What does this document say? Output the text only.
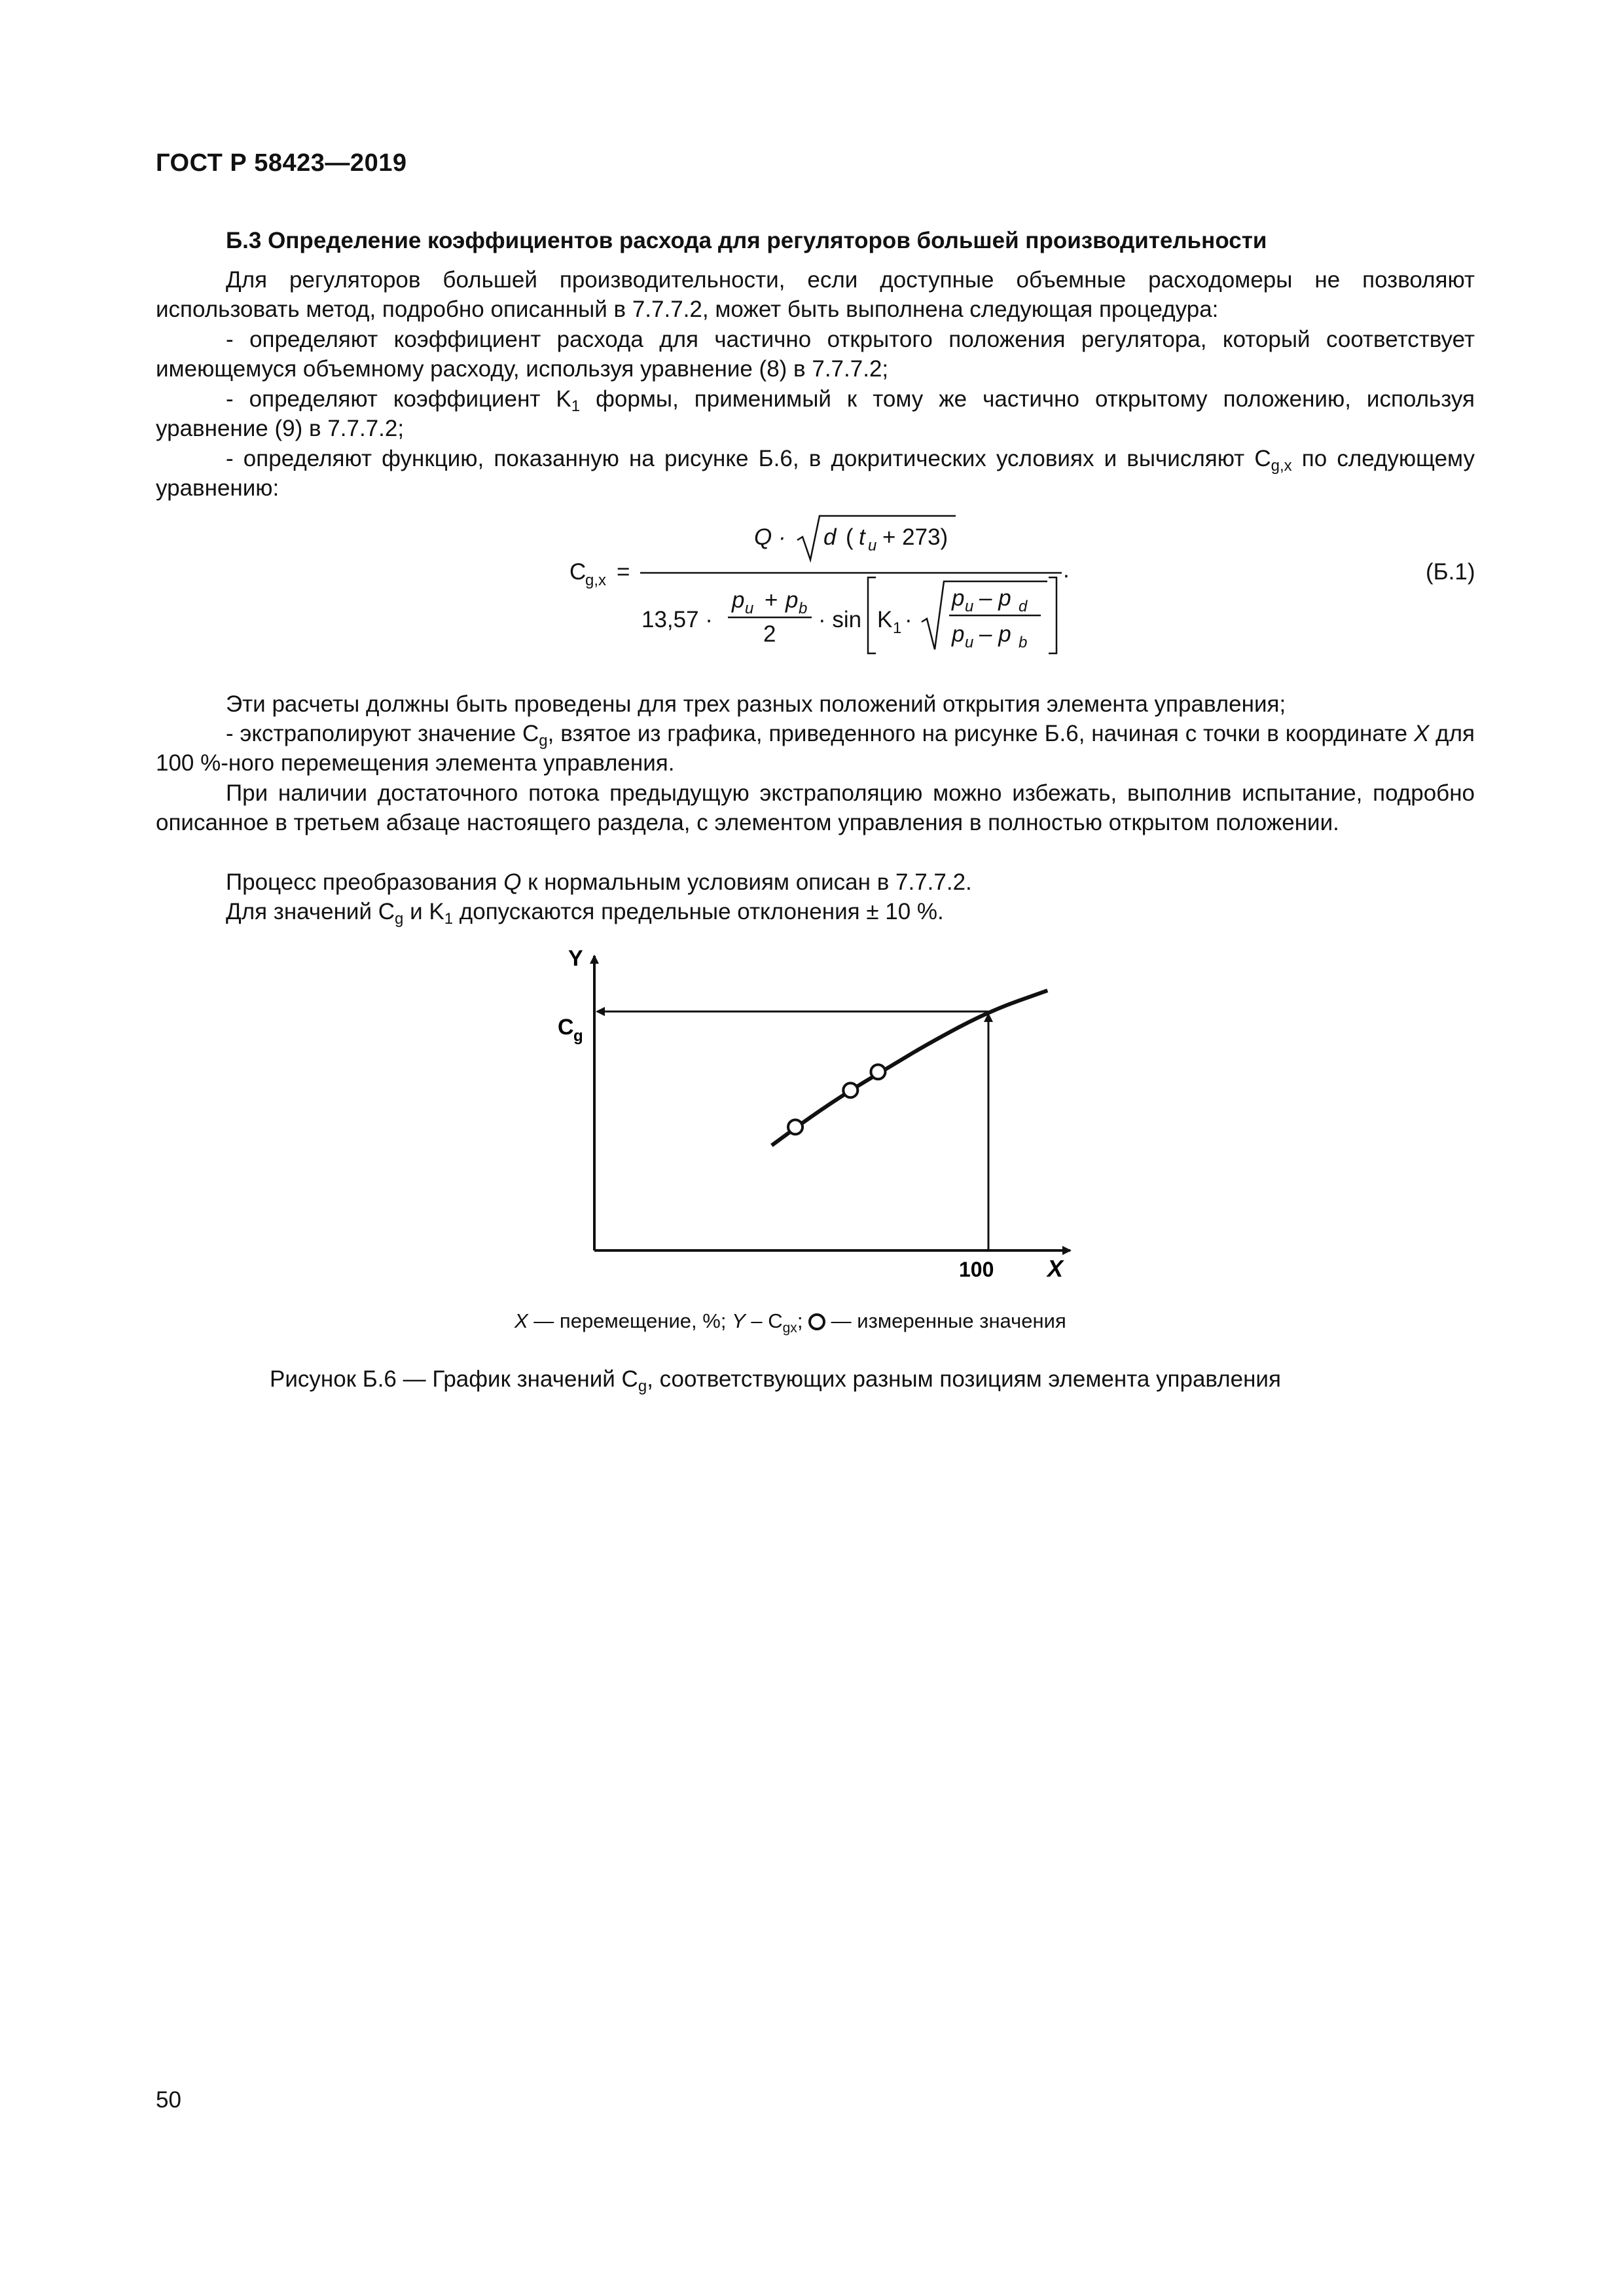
ГОСТ Р 58423—2019
Б.3 Определение коэффициентов расхода для регуляторов большей производительности
Для регуляторов большей производительности, если доступные объемные расходомеры не позволяют использовать метод, подробно описанный в 7.7.7.2, может быть выполнена следующая процедура:
- определяют коэффициент расхода для частично открытого положения регулятора, который соответствует имеющемуся объемному расходу, используя уравнение (8) в 7.7.7.2;
- определяют коэффициент $K_1$ формы, применимый к тому же частично открытому положению, используя уравнение (9) в 7.7.7.2;
- определяют функцию, показанную на рисунке Б.6, в докритических условиях и вычисляют $C_{g,x}$ по следующему уравнению:
C
g,x =
Q · d ( t u + 273)
13,57 ·
p u + p b
2
· sin K 1 ·
p u – p d
p u – p b
.	(Б.1)
Эти расчеты должны быть проведены для трех разных положений открытия элемента управления;
- экстраполируют значение $C_g$, взятое из графика, приведенного на рисунке Б.6, начиная с точки в координате X для 100 %-ного перемещения элемента управления.
При наличии достаточного потока предыдущую экстраполяцию можно избежать, выполнив испытание, подробно описанное в третьем абзаце настоящего раздела, с элементом управления в полностью открытом положении.
Процесс преобразования Q к нормальным условиям описан в 7.7.7.2.
Для значений $C_g$ и $K_1$ допускаются предельные отклонения ± 10 %.
Y
X
100
C g
X — перемещение, %; Y – $C_{gx}$;  — измеренные значения
Рисунок Б.6 — График значений $C_g$, соответствующих разным позициям элемента управления
50
